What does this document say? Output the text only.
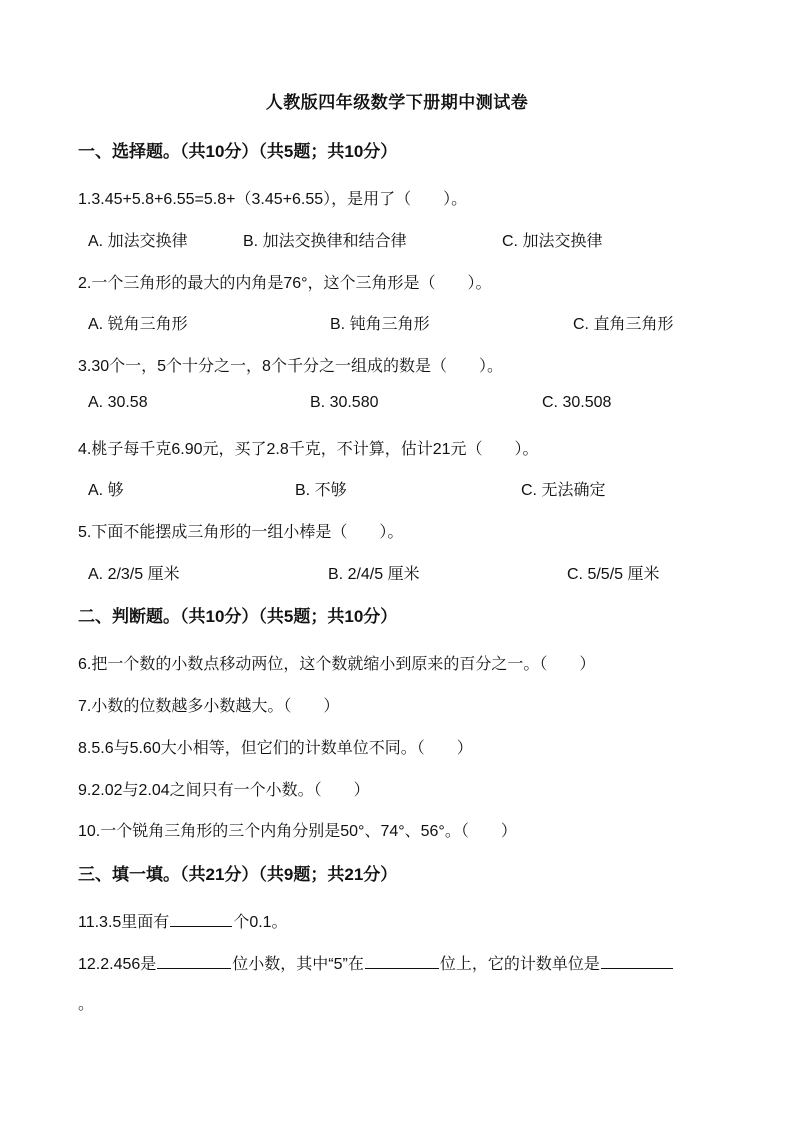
人教版四年级数学下册期中测试卷
一、选择题。（共10分）（共5题；共10分）
1.3.45+5.8+6.55=5.8+（3.45+6.55），是用了（　　）。
A. 加法交换律	B. 加法交换律和结合律	C. 加法交换律
2.一个三角形的最大的内角是76°，这个三角形是（　　）。
A. 锐角三角形	B. 钝角三角形	C. 直角三角形
3.30个一，5个十分之一，8个千分之一组成的数是（　　）。
A. 30.58	B. 30.580	C. 30.508
4.桃子每千克6.90元，买了2.8千克，不计算，估计21元（　　）。
A. 够	B. 不够	C. 无法确定
5.下面不能摆成三角形的一组小棒是（　　）。
A. 2/3/5 厘米	B. 2/4/5 厘米	C. 5/5/5 厘米
二、判断题。（共10分）（共5题；共10分）
6.把一个数的小数点移动两位，这个数就缩小到原来的百分之一。（　　）
7.小数的位数越多小数越大。（　　）
8.5.6与5.60大小相等，但它们的计数单位不同。（　　）
9.2.02与2.04之间只有一个小数。（　　）
10.一个锐角三角形的三个内角分别是50°、74°、56°。（　　）
三、填一填。（共21分）（共9题；共21分）
11.3.5里面有	个0.1。
12.2.456是	位小数，其中“5”在	位上，它的计数单位是
。
